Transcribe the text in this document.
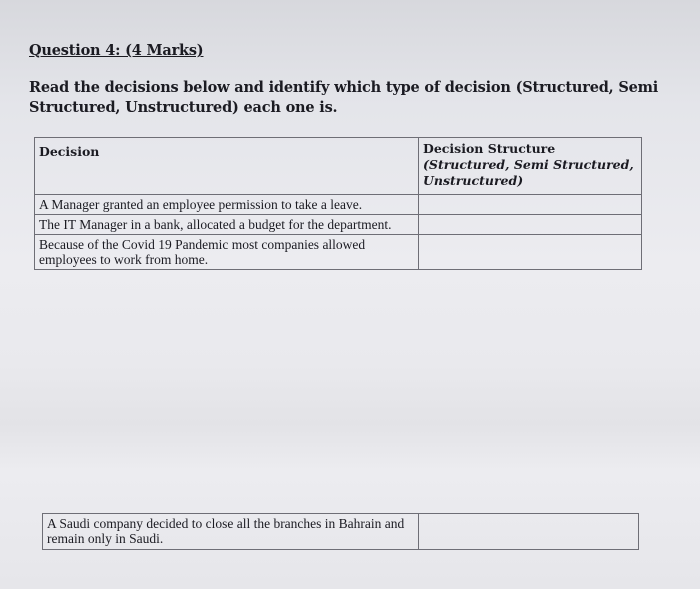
Question 4: (4 Marks)

Read the decisions below and identify which type of decision (Structured, Semi Structured, Unstructured) each one is.

Decision	Decision Structure
(Structured, Semi Structured, Unstructured)
A Manager granted an employee permission to take a leave.	
The IT Manager in a bank, allocated a budget for the department.	
Because of the Covid 19 Pandemic most companies allowed employees to work from home.	
A Saudi company decided to close all the branches in Bahrain and remain only in Saudi.	
